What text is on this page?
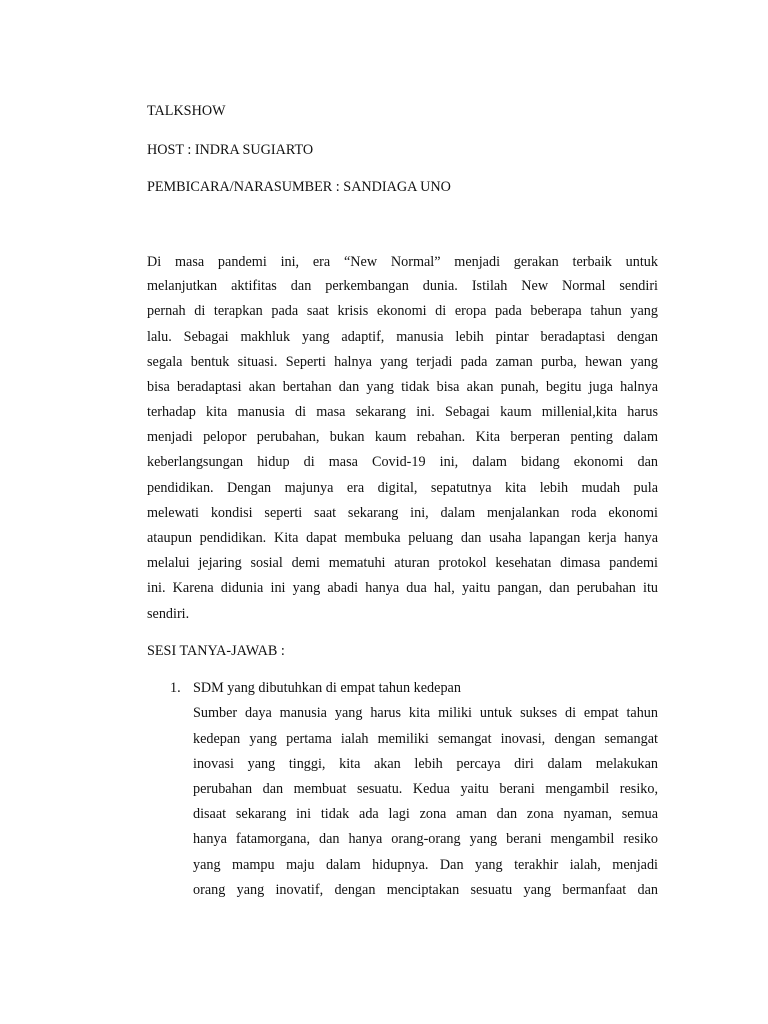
TALKSHOW
HOST : INDRA SUGIARTO
PEMBICARA/NARASUMBER : SANDIAGA UNO
Di masa pandemi ini, era “New Normal” menjadi gerakan terbaik untuk
melanjutkan aktifitas dan perkembangan dunia. Istilah New Normal sendiri
pernah di terapkan pada saat krisis ekonomi di eropa pada beberapa tahun yang
lalu. Sebagai makhluk yang adaptif, manusia lebih pintar beradaptasi dengan
segala bentuk situasi. Seperti halnya yang terjadi pada zaman purba, hewan yang
bisa beradaptasi akan bertahan dan yang tidak bisa akan punah, begitu juga halnya
terhadap kita manusia di masa sekarang ini. Sebagai kaum millenial,kita harus
menjadi pelopor perubahan, bukan kaum rebahan. Kita berperan penting dalam
keberlangsungan hidup di masa Covid-19 ini, dalam bidang ekonomi dan
pendidikan. Dengan majunya era digital, sepatutnya kita lebih mudah pula
melewati kondisi seperti saat sekarang ini, dalam menjalankan roda ekonomi
ataupun pendidikan. Kita dapat membuka peluang dan usaha lapangan kerja hanya
melalui jejaring sosial demi mematuhi aturan protokol kesehatan dimasa pandemi
ini. Karena didunia ini yang abadi hanya dua hal, yaitu pangan, dan perubahan itu
sendiri.
SESI TANYA-JAWAB :
1. SDM yang dibutuhkan di empat tahun kedepan
Sumber daya manusia yang harus kita miliki untuk sukses di empat tahun
kedepan yang pertama ialah memiliki semangat inovasi, dengan semangat
inovasi yang tinggi, kita akan lebih percaya diri dalam melakukan
perubahan dan membuat sesuatu. Kedua yaitu berani mengambil resiko,
disaat sekarang ini tidak ada lagi zona aman dan zona nyaman, semua
hanya fatamorgana, dan hanya orang-orang yang berani mengambil resiko
yang mampu maju dalam hidupnya. Dan yang terakhir ialah, menjadi
orang yang inovatif, dengan menciptakan sesuatu yang bermanfaat dan
